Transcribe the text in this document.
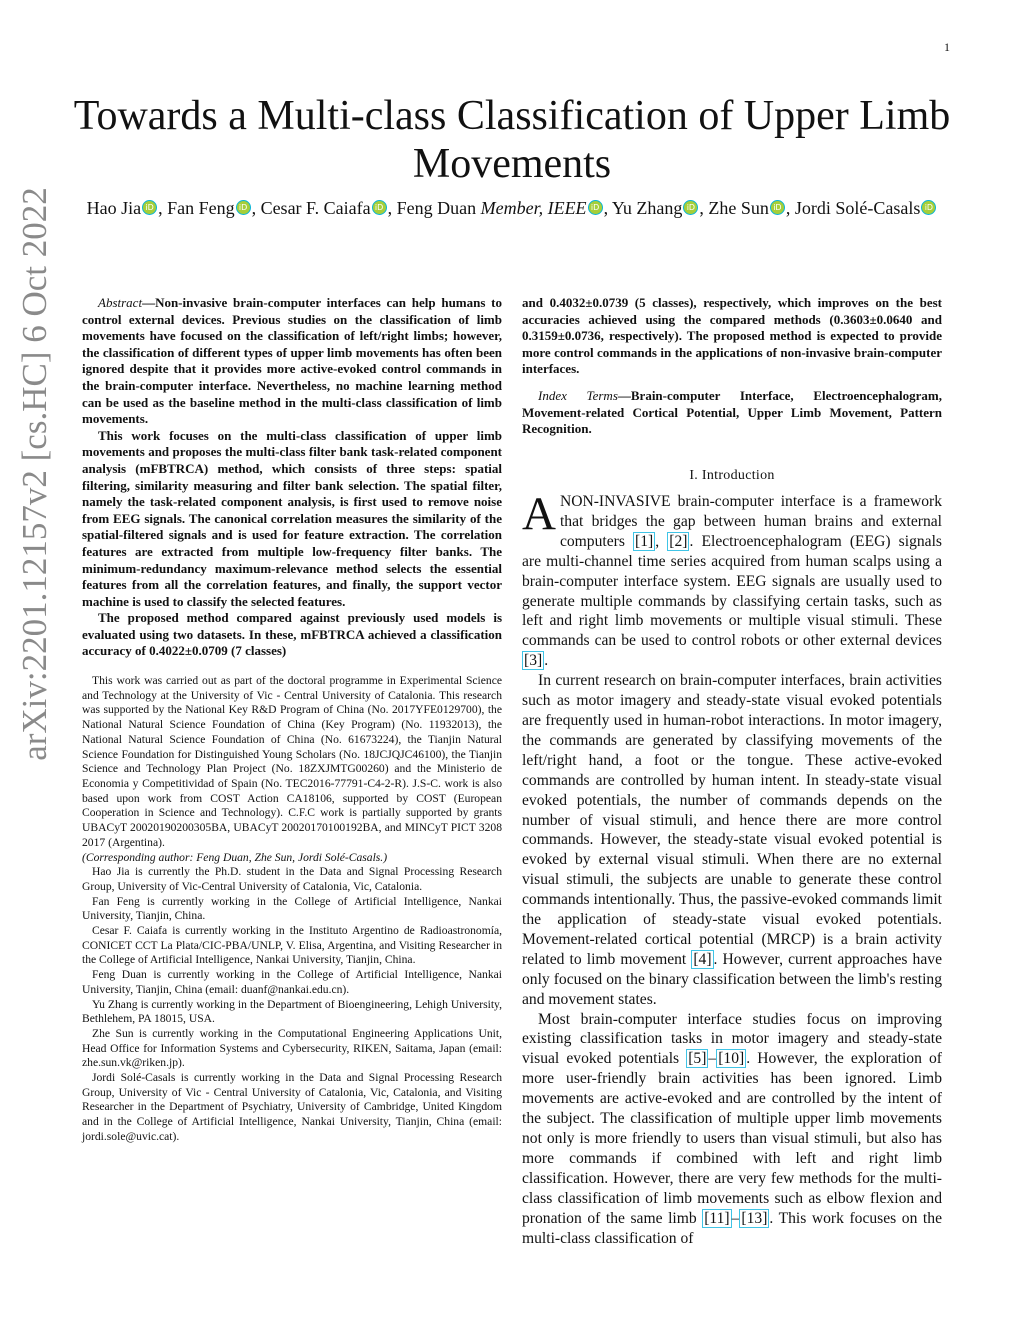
1
arXiv:2201.12157v2 [cs.HC] 6 Oct 2022
Towards a Multi-class Classification of Upper Limb Movements
Hao Jia iD , Fan Feng iD , Cesar F. Caiafa iD , Feng Duan Member, IEEE iD , Yu Zhang iD , Zhe Sun iD , Jordi Solé-Casals iD

Abstract—Non-invasive brain-computer interfaces can help humans to control external devices. Previous studies on the classification of limb movements have focused on the classification of left/right limbs; however, the classification of different types of upper limb movements has often been ignored despite that it provides more active-evoked control commands in the brain-computer interface. Nevertheless, no machine learning method can be used as the baseline method in the multi-class classification of limb movements.

This work focuses on the multi-class classification of upper limb movements and proposes the multi-class filter bank task-related component analysis (mFBTRCA) method, which consists of three steps: spatial filtering, similarity measuring and filter bank selection. The spatial filter, namely the task-related component analysis, is first used to remove noise from EEG signals. The canonical correlation measures the similarity of the spatial-filtered signals and is used for feature extraction. The correlation features are extracted from multiple low-frequency filter banks. The minimum-redundancy maximum-relevance method selects the essential features from all the correlation features, and finally, the support vector machine is used to classify the selected features.

The proposed method compared against previously used models is evaluated using two datasets. In these, mFBTRCA achieved a classification accuracy of 0.4022±0.0709 (7 classes)

This work was carried out as part of the doctoral programme in Experimental Science and Technology at the University of Vic - Central University of Catalonia. This research was supported by the National Key R&D Program of China (No. 2017YFE0129700), the National Natural Science Foundation of China (Key Program) (No. 11932013), the National Natural Science Foundation of China (No. 61673224), the Tianjin Natural Science Foundation for Distinguished Young Scholars (No. 18JCJQJC46100), the Tianjin Science and Technology Plan Project (No. 18ZXJMTG00260) and the Ministerio de Economia y Competitividad of Spain (No. TEC2016-77791-C4-2-R). J.S-C. work is also based upon work from COST Action CA18106, supported by COST (European Cooperation in Science and Technology). C.F.C work is partially supported by grants UBACyT 20020190200305BA, UBACyT 20020170100192BA, and MINCyT PICT 3208 2017 (Argentina).

(Corresponding author: Feng Duan, Zhe Sun, Jordi Solé-Casals.)

Hao Jia is currently the Ph.D. student in the Data and Signal Processing Research Group, University of Vic-Central University of Catalonia, Vic, Catalonia.

Fan Feng is currently working in the College of Artificial Intelligence, Nankai University, Tianjin, China.

Cesar F. Caiafa is currently working in the Instituto Argentino de Radioastronomía, CONICET CCT La Plata/CIC-PBA/UNLP, V. Elisa, Argentina, and Visiting Researcher in the College of Artificial Intelligence, Nankai University, Tianjin, China.

Feng Duan is currently working in the College of Artificial Intelligence, Nankai University, Tianjin, China (email: duanf@nankai.edu.cn).

Yu Zhang is currently working in the Department of Bioengineering, Lehigh University, Bethlehem, PA 18015, USA.

Zhe Sun is currently working in the Computational Engineering Applications Unit, Head Office for Information Systems and Cybersecurity, RIKEN, Saitama, Japan (email: zhe.sun.vk@riken.jp).

Jordi Solé-Casals is currently working in the Data and Signal Processing Research Group, University of Vic - Central University of Catalonia, Vic, Catalonia, and Visiting Researcher in the Department of Psychiatry, University of Cambridge, United Kingdom and in the College of Artificial Intelligence, Nankai University, Tianjin, China (email: jordi.sole@uvic.cat).

and 0.4032±0.0739 (5 classes), respectively, which improves on the best accuracies achieved using the compared methods (0.3603±0.0640 and 0.3159±0.0736, respectively). The proposed method is expected to provide more control commands in the applications of non-invasive brain-computer interfaces.
Index Terms—Brain-computer Interface, Electroencephalogram, Movement-related Cortical Potential, Upper Limb Movement, Pattern Recognition.
I. Introduction

ANON-INVASIVE brain-computer interface is a framework that bridges the gap between human brains and external computers [1] , [2] . Electroencephalogram (EEG) signals are multi-channel time series acquired from human scalps using a brain-computer interface system. EEG signals are usually used to generate multiple commands by classifying certain tasks, such as left and right limb movements or multiple visual stimuli. These commands can be used to control robots or other external devices [3] .

In current research on brain-computer interfaces, brain activities such as motor imagery and steady-state visual evoked potentials are frequently used in human-robot interactions. In motor imagery, the commands are generated by classifying movements of the left/right hand, a foot or the tongue. These active-evoked commands are controlled by human intent. In steady-state visual evoked potentials, the number of commands depends on the number of visual stimuli, and hence there are more control commands. However, the steady-state visual evoked potential is evoked by external visual stimuli. When there are no external visual stimuli, the subjects are unable to generate these control commands intentionally. Thus, the passive-evoked commands limit the application of steady-state visual evoked potentials. Movement-related cortical potential (MRCP) is a brain activity related to limb movement [4] . However, current approaches have only focused on the binary classification between the limb's resting and movement states.

Most brain-computer interface studies focus on improving existing classification tasks in motor imagery and steady-state visual evoked potentials [5] – [10] . However, the exploration of more user-friendly brain activities has been ignored. Limb movements are active-evoked and are controlled by the intent of the subject. The classification of multiple upper limb movements not only is more friendly to users than visual stimuli, but also has more commands if combined with left and right limb classification. However, there are very few methods for the multi-class classification of limb movements such as elbow flexion and pronation of the same limb [11] – [13] . This work focuses on the multi-class classification of
